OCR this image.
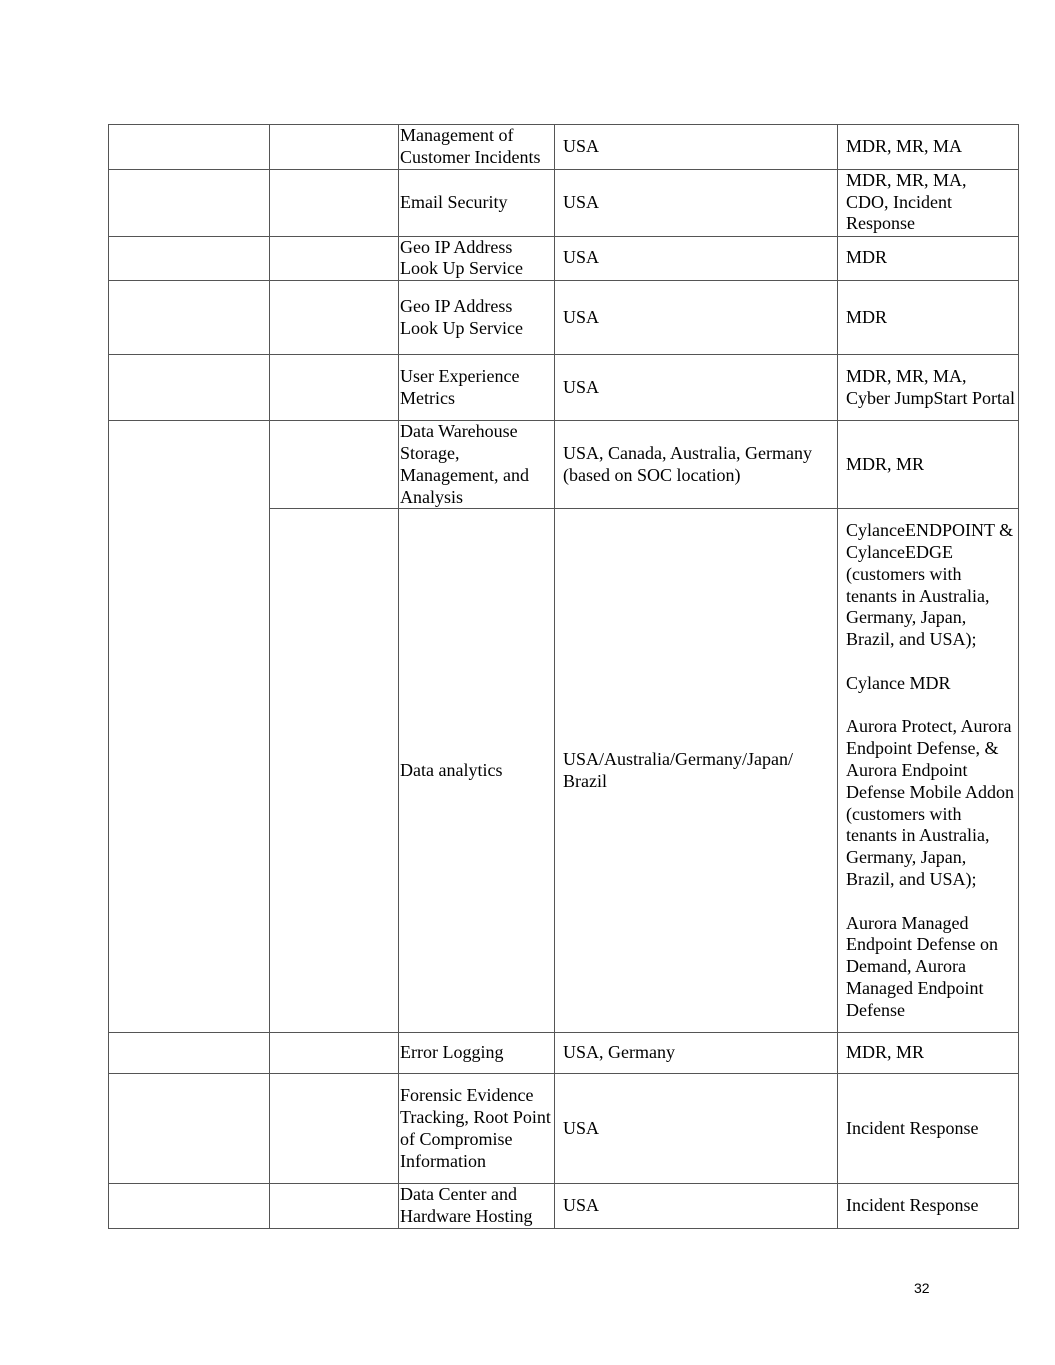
		Management of Customer Incidents	USA	MDR, MR, MA

		Email Security	USA	MDR, MR, MA,
CDO, Incident Response

		Geo IP Address Look Up Service	USA	MDR

		Geo IP Address Look Up Service	USA	MDR

		User Experience Metrics	USA	MDR, MR, MA,
Cyber JumpStart Portal

		Data Warehouse Storage, Management, and Analysis	USA, Canada, Australia, Germany (based on SOC location)	MDR, MR

		Data analytics	USA/Australia/Germany/Japan/
Brazil	CylanceENDPOINT & CylanceEDGE (customers with tenants in Australia, Germany, Japan, Brazil, and USA);

Cylance MDR

Aurora Protect, Aurora Endpoint Defense, & Aurora Endpoint Defense Mobile Addon (customers with tenants in Australia, Germany, Japan, Brazil, and USA);

Aurora Managed Endpoint Defense on Demand, Aurora Managed Endpoint Defense

		Error Logging	USA, Germany	MDR, MR

		Forensic Evidence Tracking, Root Point of Compromise Information	USA	Incident Response

		Data Center and Hardware Hosting	USA	Incident Response
32
